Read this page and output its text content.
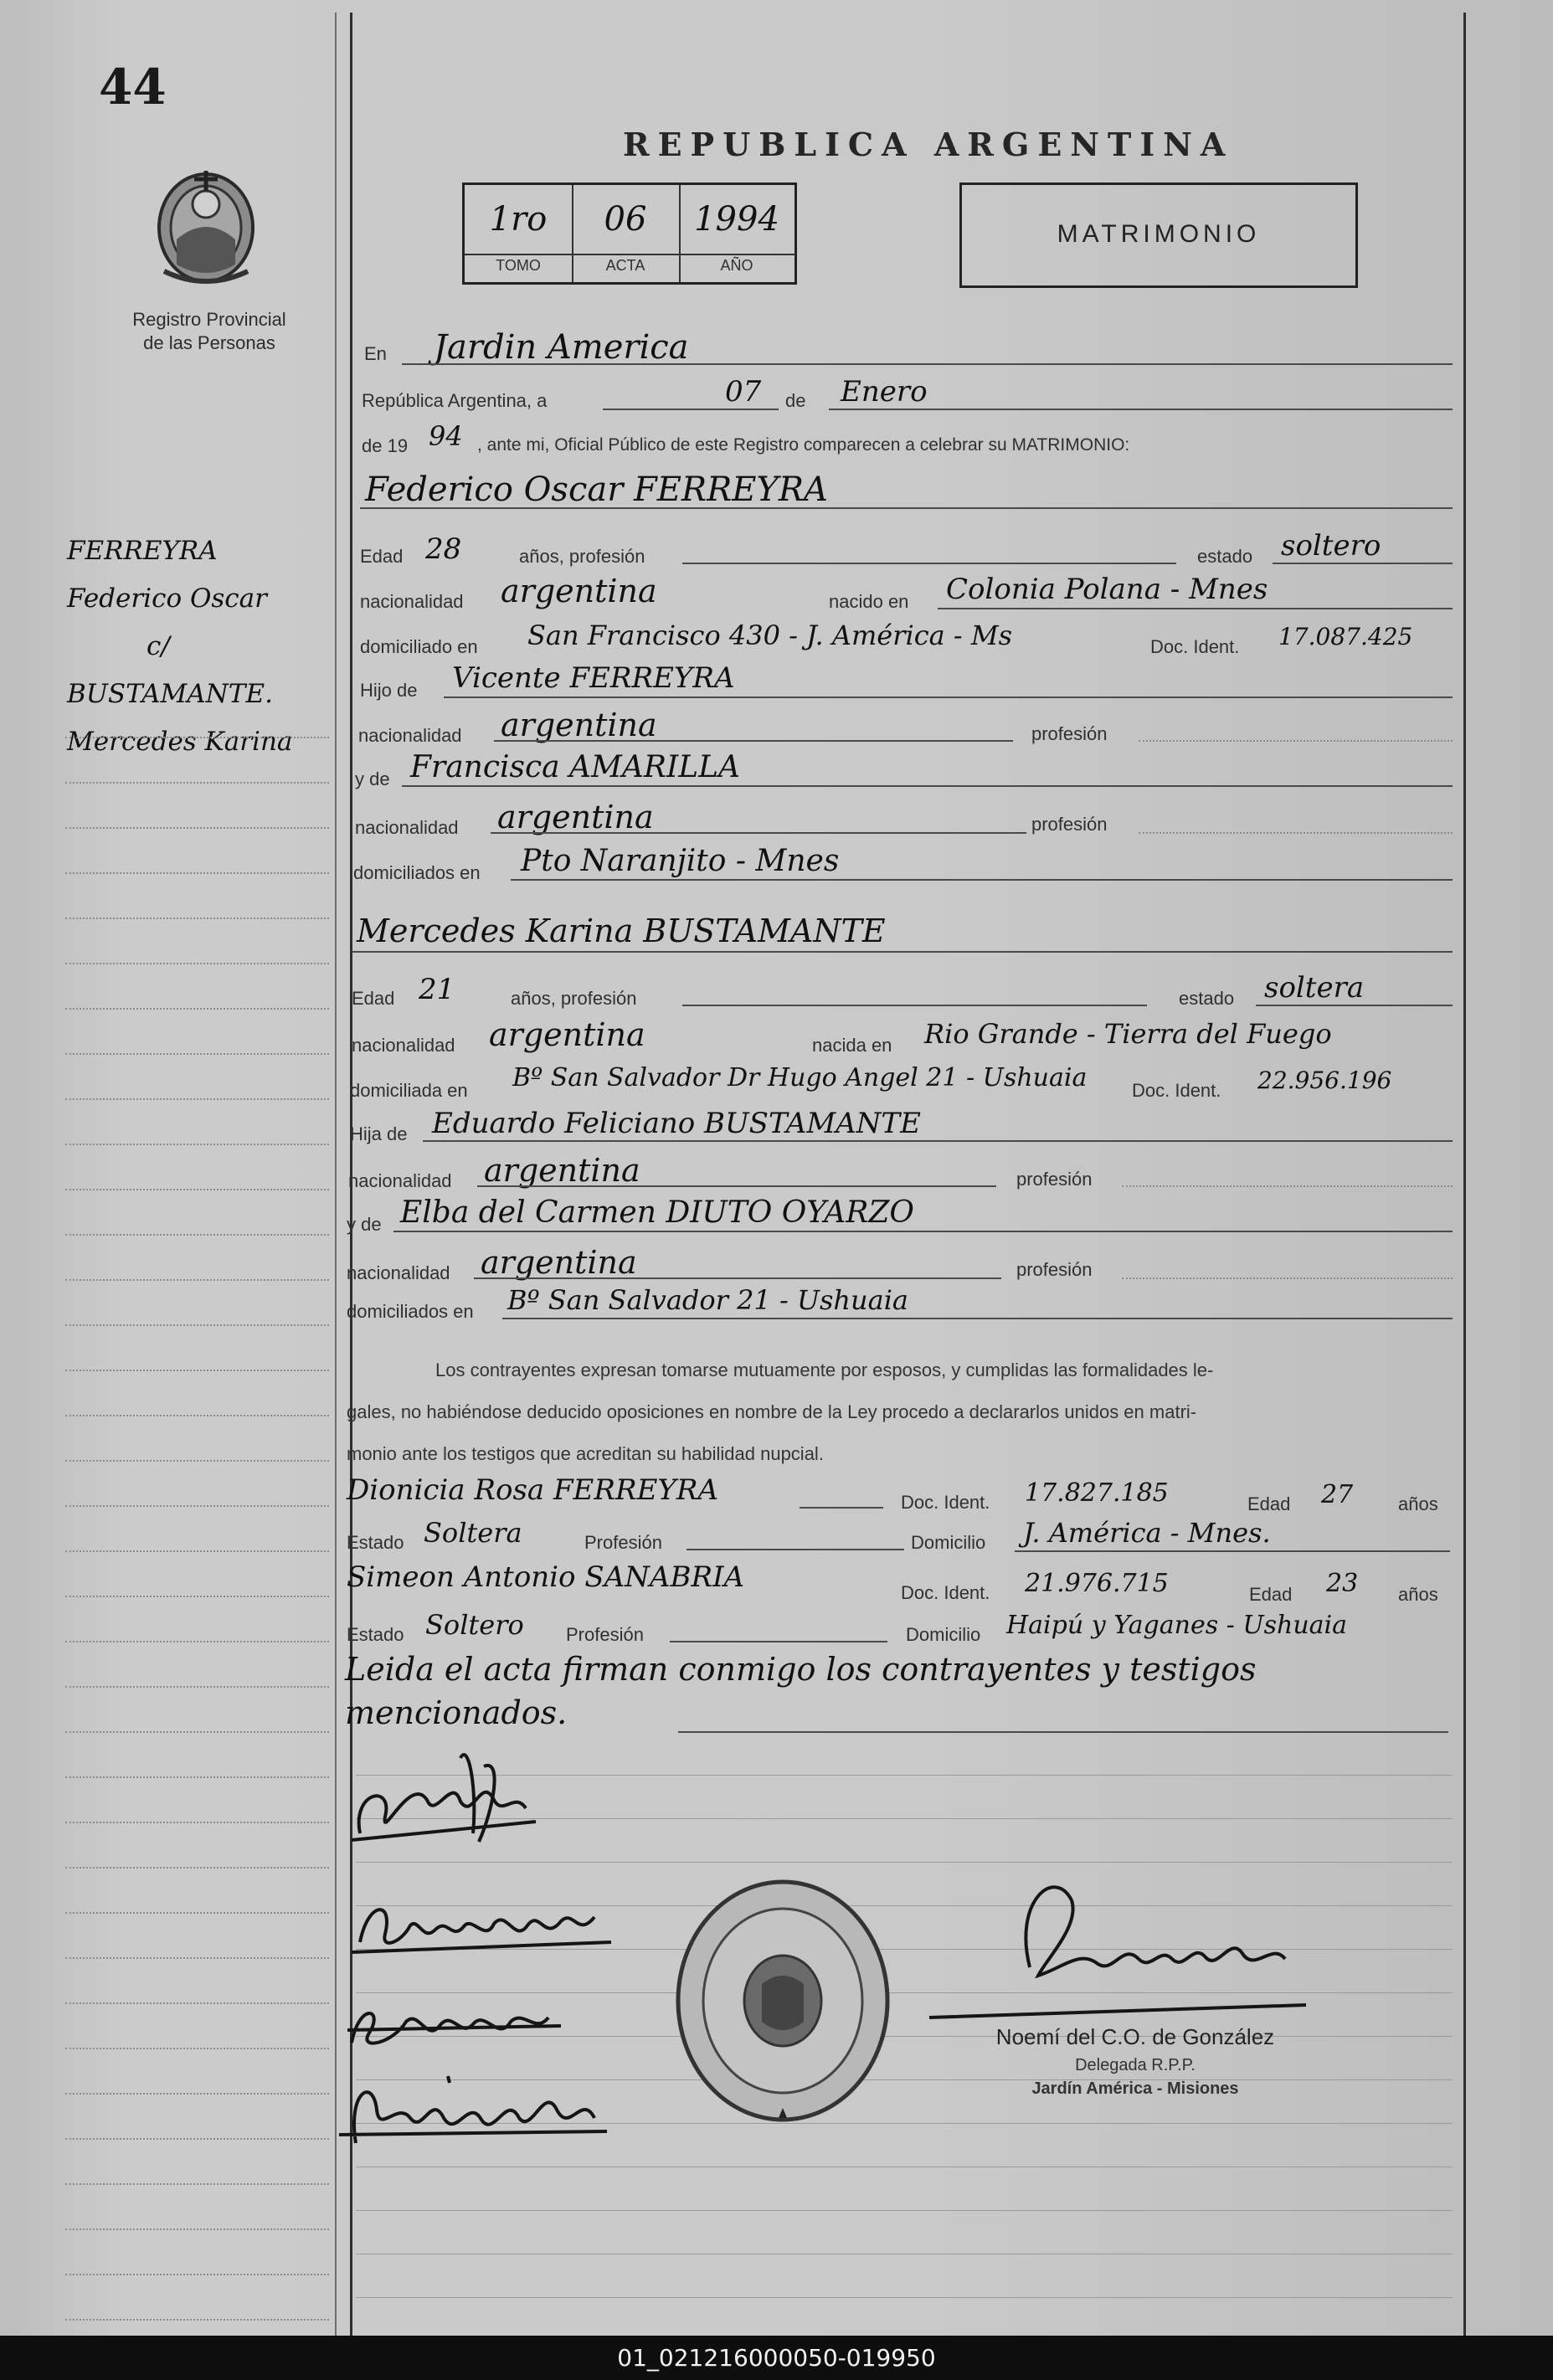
44
Registro Provincial
de las Personas
FERREYRA
Federico Oscar
c/
BUSTAMANTE.
Mercedes Karina
REPUBLICA ARGENTINA
1ro	06	1994
TOMO	ACTA	AÑO
MATRIMONIO
En Jardin America
República Argentina, a	07 de Enero
de 19 94 , ante mi, Oficial Público de este Registro comparecen a celebrar su MATRIMONIO:
Federico Oscar FERREYRA
Edad 28	años, profesión	estado soltero
nacionalidad argentina	nacido en Colonia Polana - Mnes
domiciliado en San Francisco 430 - J. América - Ms	Doc. Ident. 17.087.425
Hijo de Vicente FERREYRA
nacionalidad argentina	profesión
y de Francisca AMARILLA
nacionalidad argentina	profesión
domiciliados en Pto Naranjito - Mnes
Mercedes Karina BUSTAMANTE
Edad 21	años, profesión	estado soltera
nacionalidad argentina	nacida en Rio Grande - Tierra del Fuego
domiciliada en Bº San Salvador Dr Hugo Angel 21 - Ushuaia Doc. Ident. 22.956.196
Hija de Eduardo Feliciano BUSTAMANTE
nacionalidad argentina	profesión
y de Elba del Carmen DIUTO OYARZO
nacionalidad argentina	profesión
domiciliados en Bº San Salvador 21 - Ushuaia
Los contrayentes expresan tomarse mutuamente por esposos, y cumplidas las formalidades le-
gales, no habiéndose deducido oposiciones en nombre de la Ley procedo a declararlos unidos en matri-
monio ante los testigos que acreditan su habilidad nupcial.
Dionicia Rosa FERREYRA	Doc. Ident. 17.827.185	Edad 27 años
Estado Soltera	Profesión	Domicilio J. América - Mnes.
Simeon Antonio SANABRIA	Doc. Ident. 21.976.715	Edad 23 años
Estado Soltero Profesión	Domicilio Haipú y Yaganes - Ushuaia
Leida el acta firman conmigo los contrayentes y testigos
mencionados.
Noemí del C.O. de González
Delegada R.P.P.
Jardín América - Misiones
01_021216000050-019950
